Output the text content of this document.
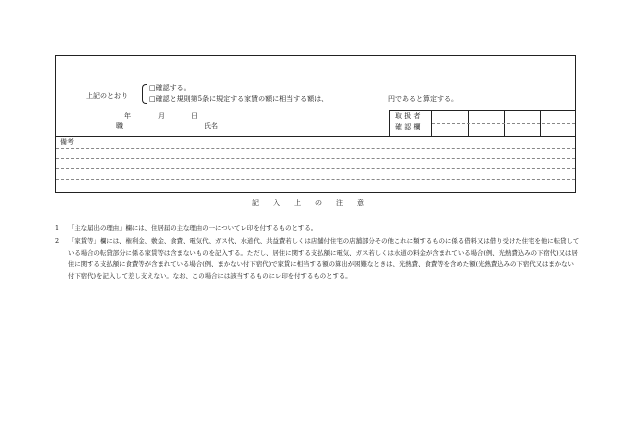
上記のとおり
□確認する。
□確認と規則第5条に規定する家賃の額に相当する額は、	円であると算定する。
年	月	日
職	氏名
取 扱 者
確 認 欄
備考
記入上の注意
1 「主な届出の理由」欄には、住居届の主な理由の一についてレ印を付するものとする。
2 「家賃等」欄には、権利金、敷金、食費、電気代、ガス代、水道代、共益費若しくは店舗付住宅の店舗部分その他これに類するものに係る借料又は借り受けた住宅を他に転貸している場合の転貸部分に係る家賃等は含まないものを記入する。ただし、居住に関する支払額に電気、ガス若しくは水道の料金が含まれている場合(例、光熱費込みの下宿代)又は居住に関する支払額に食費等が含まれている場合(例、まかない付下宿代)で家賃に相当する額の算出が困難なときは、光熱費、食費等を含めた額(光熱費込みの下宿代又はまかない付下宿代)を記入して差し支えない。なお、この場合には該当するものにレ印を付するものとする。
